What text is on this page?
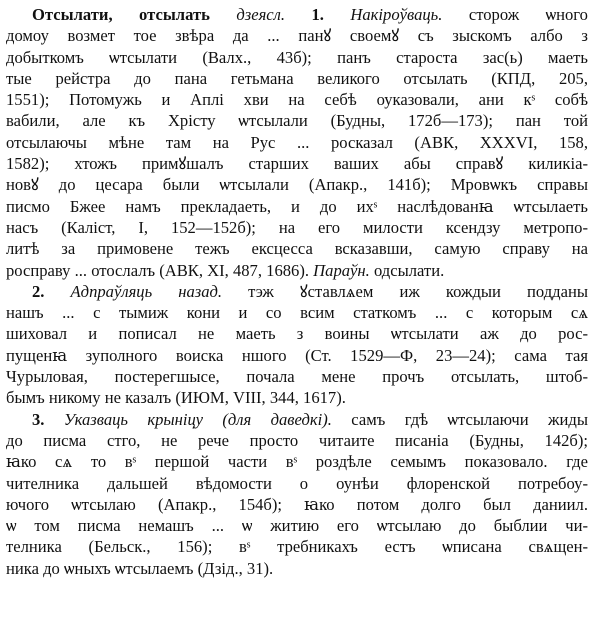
Отсылати, отсылать дзеясл. 1. Накіроўваць. сторож ѡного
домоу возмет тое звѣра да ... панꙋ своемꙋ съ зыскомъ албо з
добыткомъ ѡтсылати (Валх., 43б); панъ староста зас(ь) маеть
тые рейстра до пана гетьмана великого отсылать (КПД, 205,
1551); Потомужь и Аплі хви на себѣ оуказовали, ани кˢ собѣ
вабили, але къ Хрісту ѡтсылали (Будны, 172б—173); пан той
отсылаючы мѣне там на Рус ... росказал (АВК, XXXVI, 158,
1582); хтожъ примꙋшалъ старших ваших абы справꙋ киликіа-
новꙋ до цесара были ѡтсылали (Апакр., 141б); Мровѡкъ справы
писмо Бжее намъ прекладаеть, и до ихˢ наслѣдованꙗ ѡтсылаеть
насъ (Каліст, І, 152—152б); на его милости ксендзу метропо-
литѣ за примовене тежъ ексцесса всказавши, самую справу на
росправу ... отослалъ (АВК, XI, 487, 1686). Параўн. одсылати.
2. Адпраўляць назад. тэж ꙋставлѧем иж кождыи подданы
нашъ ... с тымиж кони и со всим статкомъ ... с которым сѧ
шиховал и пописал не маеть з воины ѡтсылати аж до рос-
пущенꙗ зуполного воиска ншого (Ст. 1529—Ф, 23—24); сама тая
Чурыловая, постерегшысе, почала мене прочъ отсылать, штоб-
бымъ никому не казалъ (ИЮМ, VIII, 344, 1617).
3. Указваць крыніцу (для даведкі). самъ гдѣ ѡтсылаючи жиды
до писма стго, не рече просто читаите писаніа (Будны, 142б);
ꙗко сѧ то вˢ першой части вˢ роздѣле семымъ показовало. где
чителника дальшей вѣдомости о оунѣи флоренской потребоу-
ючого ѡтсылаю (Апакр., 154б); ꙗко потом долго был даниил.
ѡ том писма немашъ ... ѡ житию его ѡтсылаю до быблии чи-
телника (Бельск., 156); вˢ требникахъ естъ ѡписана свѧщен-
ника до ѡныхъ ѡтсылаемъ (Дзід., 31).
